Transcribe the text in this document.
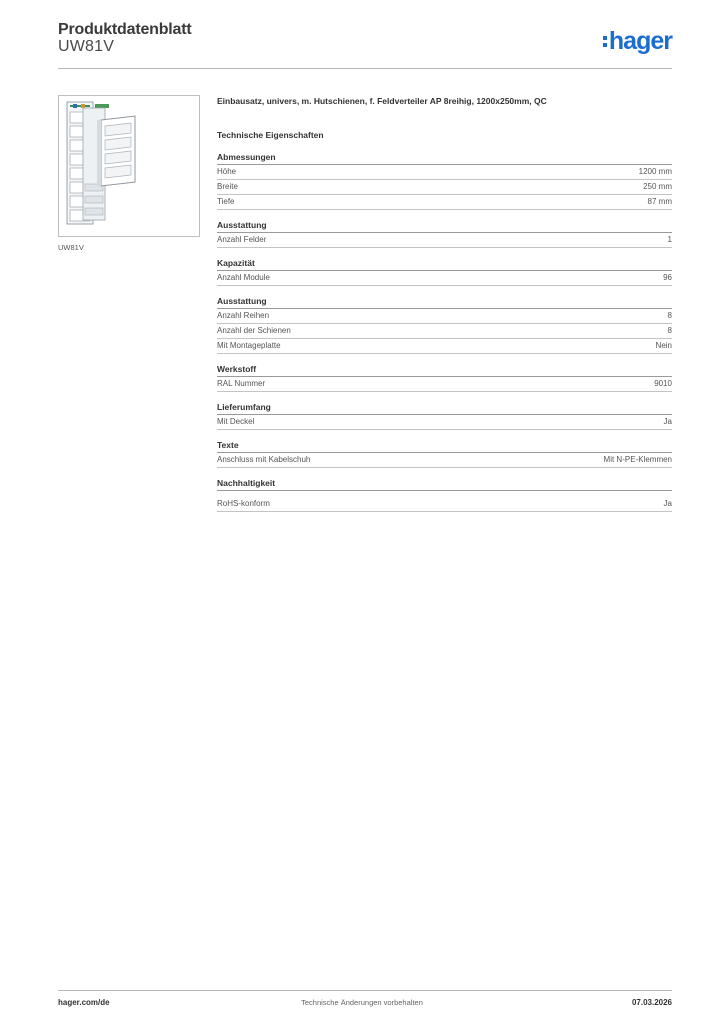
Produktdatenblatt
UW81V	hager
UW81V
Einbausatz, univers, m. Hutschienen, f. Feldverteiler AP 8reihig, 1200x250mm, QC
Technische Eigenschaften
Abmessungen
Höhe	1200 mm
Breite	250 mm
Tiefe	87 mm
Ausstattung
Anzahl Felder	1
Kapazität
Anzahl Module	96
Ausstattung
Anzahl Reihen	8
Anzahl der Schienen	8
Mit Montageplatte	Nein
Werkstoff
RAL Nummer	9010
Lieferumfang
Mit Deckel	Ja
Texte
Anschluss mit Kabelschuh	Mit N-PE-Klemmen
Nachhaltigkeit
RoHS-konform	Ja
hager.com/de	Technische Änderungen vorbehalten	07.03.2026
